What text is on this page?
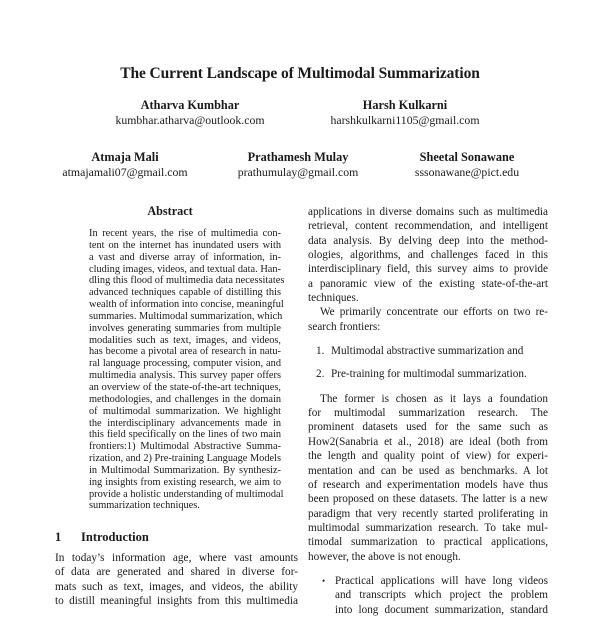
The Current Landscape of Multimodal Summarization
Atharva Kumbhar
kumbhar.atharva@outlook.com
Harsh Kulkarni
harshkulkarni1105@gmail.com
Atmaja Mali
atmajamali07@gmail.com
Prathamesh Mulay
prathumulay@gmail.com
Sheetal Sonawane
sssonawane@pict.edu
Abstract
In recent years, the rise of multimedia con-
tent on the internet has inundated users with
a vast and diverse array of information, in-
cluding images, videos, and textual data. Han-
dling this flood of multimedia data necessitates
advanced techniques capable of distilling this
wealth of information into concise, meaningful
summaries. Multimodal summarization, which
involves generating summaries from multiple
modalities such as text, images, and videos,
has become a pivotal area of research in natu-
ral language processing, computer vision, and
multimedia analysis. This survey paper offers
an overview of the state-of-the-art techniques,
methodologies, and challenges in the domain
of multimodal summarization. We highlight
the interdisciplinary advancements made in
this field specifically on the lines of two main
frontiers:1) Multimodal Abstractive Summa-
rization, and 2) Pre-training Language Models
in Multimodal Summarization. By synthesiz-
ing insights from existing research, we aim to
provide a holistic understanding of multimodal
summarization techniques.
1 Introduction
In today’s information age, where vast amounts
of data are generated and shared in diverse for-
mats such as text, images, and videos, the ability
to distill meaningful insights from this multimedia
applications in diverse domains such as multimedia
retrieval, content recommendation, and intelligent
data analysis. By delving deep into the method-
ologies, algorithms, and challenges faced in this
interdisciplinary field, this survey aims to provide
a panoramic view of the existing state-of-the-art
techniques.
We primarily concentrate our efforts on two re-
search frontiers:
1. Multimodal abstractive summarization and
2. Pre-training for multimodal summarization.
The former is chosen as it lays a foundation
for multimodal summarization research. The
prominent datasets used for the same such as
How2(Sanabria et al., 2018) are ideal (both from
the length and quality point of view) for experi-
mentation and can be used as benchmarks. A lot
of research and experimentation models have thus
been proposed on these datasets. The latter is a new
paradigm that very recently started proliferating in
multimodal summarization research. To take mul-
timodal summarization to practical applications,
however, the above is not enough.
• Practical applications will have long videos
and transcripts which project the problem
into long document summarization, standard
